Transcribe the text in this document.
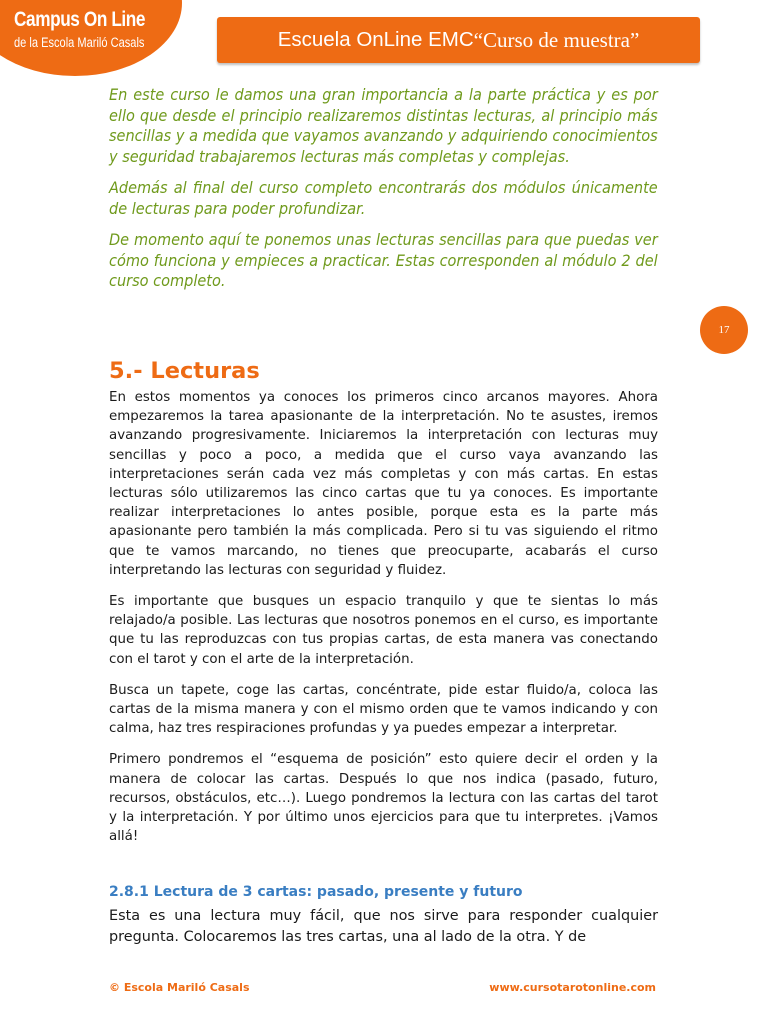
Campus On Line
de la Escola Mariló Casals	Escuela OnLine EMC “Curso de muestra”
17

En este curso le damos una gran importancia a la parte práctica y es por ello que desde el principio realizaremos distintas lecturas, al principio más sencillas y a medida que vayamos avanzando y adquiriendo conocimientos y seguridad trabajaremos lecturas más completas y complejas.

Además al final del curso completo encontrarás dos módulos únicamente de lecturas para poder profundizar.

De momento aquí te ponemos unas lecturas sencillas para que puedas ver cómo funciona y empieces a practicar. Estas corresponden al módulo 2 del curso completo.

5.- Lecturas

En estos momentos ya conoces los primeros cinco arcanos mayores. Ahora empezaremos la tarea apasionante de la interpretación. No te asustes, iremos avanzando progresivamente. Iniciaremos la interpretación con lecturas muy sencillas y poco a poco, a medida que el curso vaya avanzando las interpretaciones serán cada vez más completas y con más cartas. En estas lecturas sólo utilizaremos las cinco cartas que tu ya conoces. Es importante realizar interpretaciones lo antes posible, porque esta es la parte más apasionante pero también la más complicada. Pero si tu vas siguiendo el ritmo que te vamos marcando, no tienes que preocuparte, acabarás el curso interpretando las lecturas con seguridad y fluidez.

Es importante que busques un espacio tranquilo y que te sientas lo más relajado/a posible. Las lecturas que nosotros ponemos en el curso, es importante que tu las reproduzcas con tus propias cartas, de esta manera vas conectando con el tarot y con el arte de la interpretación.

Busca un tapete, coge las cartas, concéntrate, pide estar fluido/a, coloca las cartas de la misma manera y con el mismo orden que te vamos indicando y con calma, haz tres respiraciones profundas y ya puedes empezar a interpretar.

Primero pondremos el “esquema de posición” esto quiere decir el orden y la manera de colocar las cartas. Después lo que nos indica (pasado, futuro, recursos, obstáculos, etc…). Luego pondremos la lectura con las cartas del tarot y la interpretación. Y por último unos ejercicios para que tu interpretes. ¡Vamos allá!

2.8.1 Lectura de 3 cartas: pasado, presente y futuro
Esta es una lectura muy fácil, que nos sirve para responder cualquier pregunta. Colocaremos las tres cartas, una al lado de la otra. Y de
© Escola Mariló Casals	www.cursotarotonline.com
